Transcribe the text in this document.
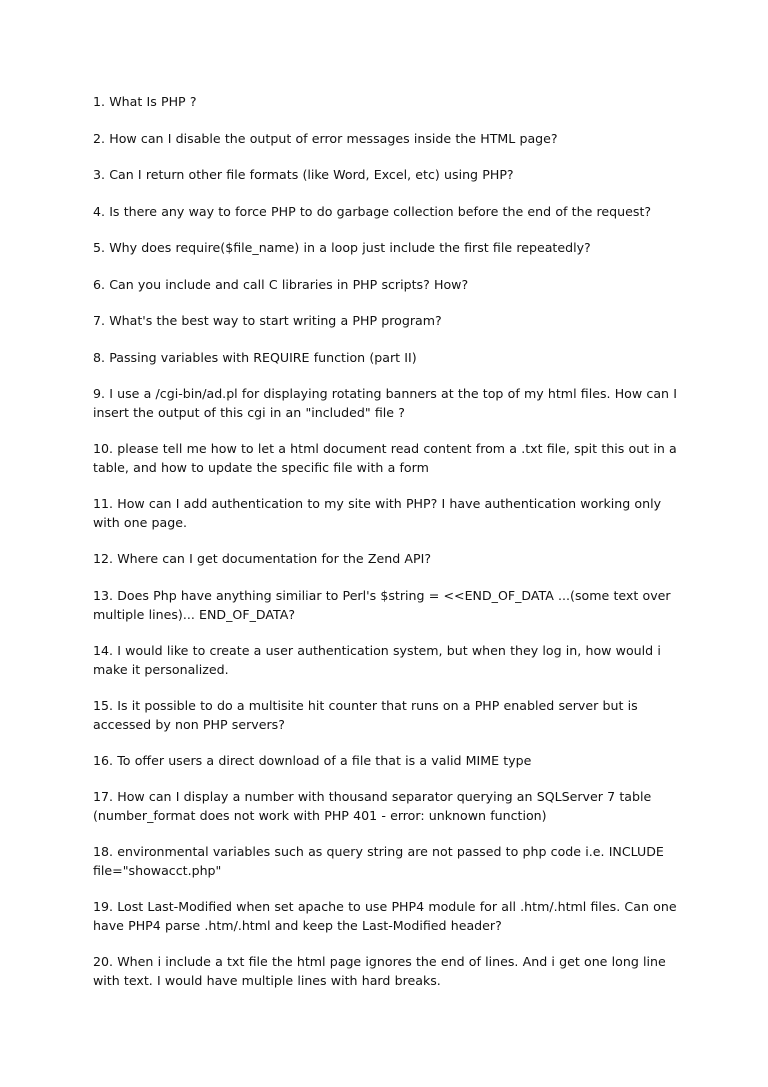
1. What Is PHP ?
2. How can I disable the output of error messages inside the HTML page?
3. Can I return other file formats (like Word, Excel, etc) using PHP?
4. Is there any way to force PHP to do garbage collection before the end of the request?
5. Why does require($file_name) in a loop just include the first file repeatedly?
6. Can you include and call C libraries in PHP scripts? How?
7. What's the best way to start writing a PHP program?
8. Passing variables with REQUIRE function (part II)
9. I use a /cgi-bin/ad.pl for displaying rotating banners at the top of my html files. How can I insert the output of this cgi in an "included" file ?
10. please tell me how to let a html document read content from a .txt file, spit this out in a table, and how to update the specific file with a form
11. How can I add authentication to my site with PHP? I have authentication working only with one page.
12. Where can I get documentation for the Zend API?
13. Does Php have anything similiar to Perl's $string = <<END_OF_DATA ...(some text over multiple lines)... END_OF_DATA?
14. I would like to create a user authentication system, but when they log in, how would i make it personalized.
15. Is it possible to do a multisite hit counter that runs on a PHP enabled server but is accessed by non PHP servers?
16. To offer users a direct download of a file that is a valid MIME type
17. How can I display a number with thousand separator querying an SQLServer 7 table (number_format does not work with PHP 401 - error: unknown function)
18. environmental variables such as query string are not passed to php code i.e. INCLUDE file="showacct.php"
19. Lost Last-Modified when set apache to use PHP4 module for all .htm/.html files. Can one have PHP4 parse .htm/.html and keep the Last-Modified header?
20. When i include a txt file the html page ignores the end of lines. And i get one long line with text. I would have multiple lines with hard breaks.
